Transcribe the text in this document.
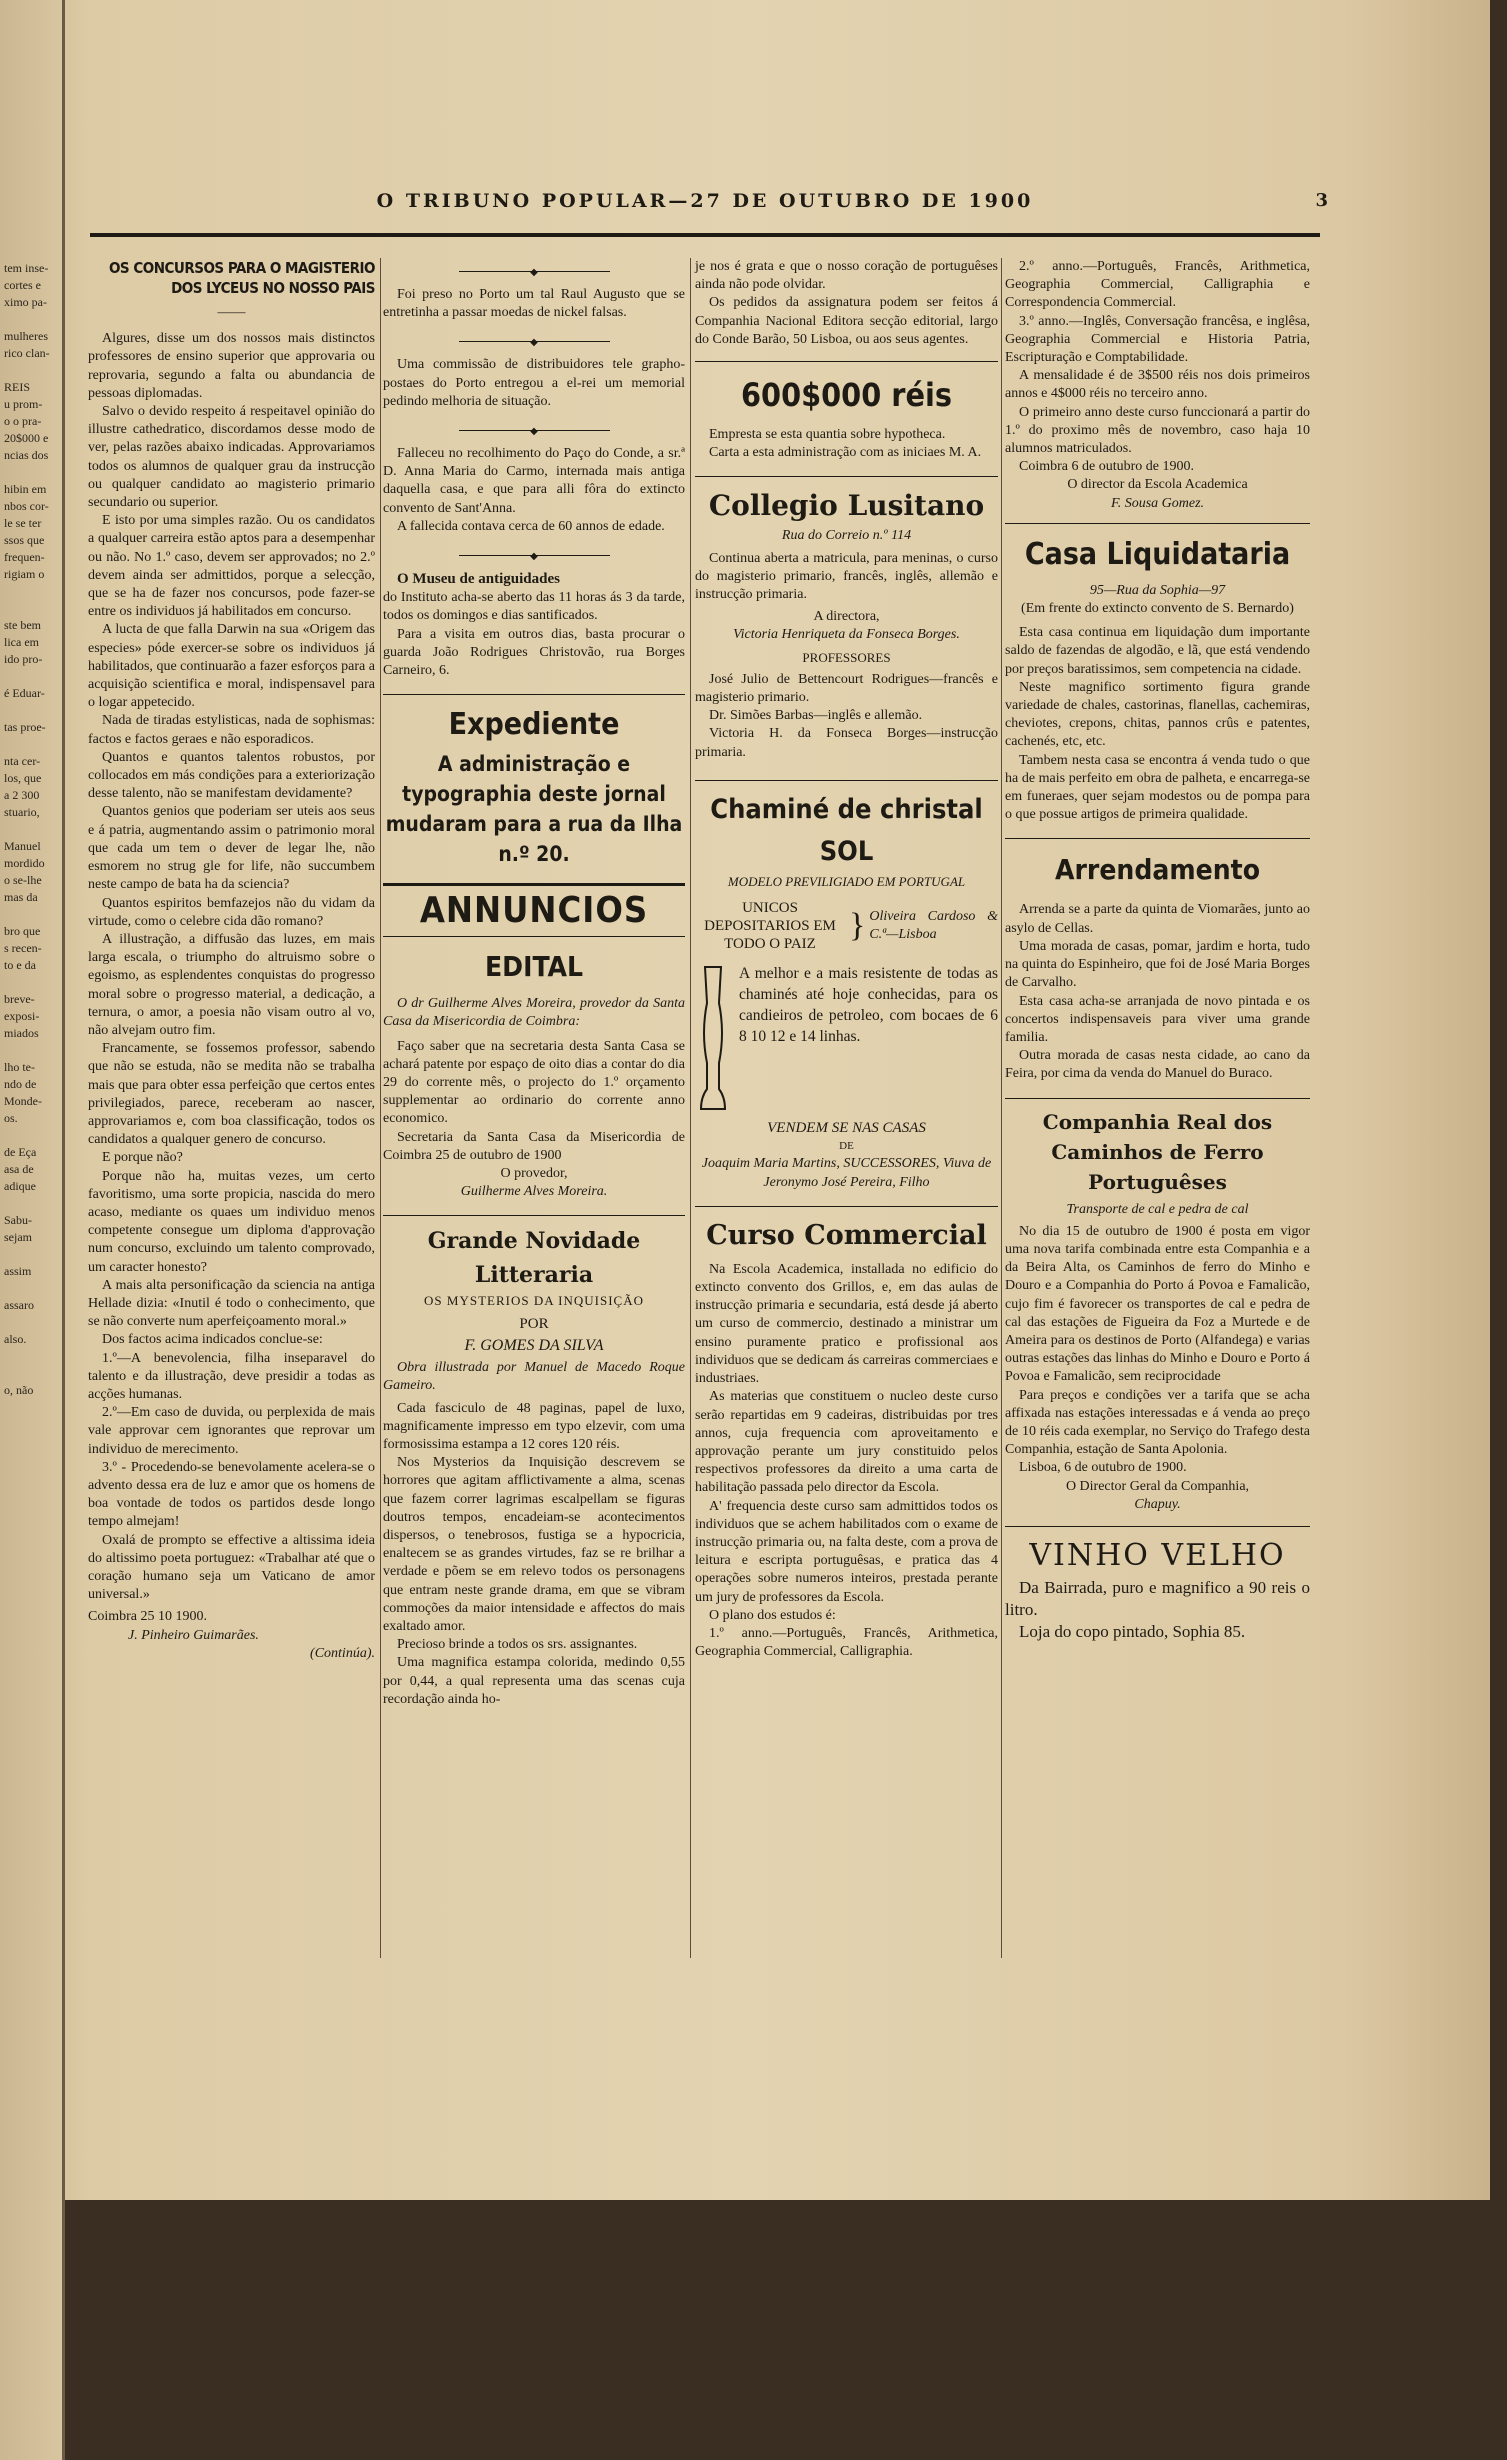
tem inse-

cortes e

ximo pa-

mulheres

rico clan-

REIS

u prom-

o o pra-

20$000 e

ncias dos

hibin em

nbos cor-

le se ter

ssos que

frequen-

rigiam o

ste bem

lica em

ido pro-

é Eduar-

tas proe-

nta cer-

los, que

a 2 300

stuario,

Manuel

mordido

o se-lhe

mas da

bro que

s recen-

to e da

breve-

exposi-

miados

lho te-

ndo de

Monde-

os.

de Eça

asa de

adique

Sabu-

sejam

assim

assaro

also.

o, não

O TRIBUNO POPULAR—27 DE OUTUBRO DE 1900	3
OS CONCURSOS PARA O MAGISTERIO DOS LYCEUS NO NOSSO PAIS
——

Algures, disse um dos nossos mais distinctos professores de ensino superior que approvaria ou reprovaria, segundo a falta ou abundancia de pessoas diplomadas.

Salvo o devido respeito á respeitavel opinião do illustre cathedratico, discordamos desse modo de ver, pelas razões abaixo indicadas. Approvariamos todos os alumnos de qualquer grau da instrucção ou qualquer candidato ao magisterio primario secundario ou superior.

E isto por uma simples razão. Ou os candidatos a qualquer carreira estão aptos para a desempenhar ou não. No 1.º caso, devem ser approvados; no 2.º devem ainda ser admittidos, porque a selecção, que se ha de fazer nos concursos, pode fazer-se entre os individuos já habilitados em concurso.

A lucta de que falla Darwin na sua «Origem das especies» póde exercer-se sobre os individuos já habilitados, que continuarão a fazer esforços para a acquisição scientifica e moral, indispensavel para o logar appetecido.

Nada de tiradas estylisticas, nada de sophismas: factos e factos geraes e não esporadicos.

Quantos e quantos talentos robustos, por collocados em más condições para a exteriorização desse talento, não se manifestam devidamente?

Quantos genios que poderiam ser uteis aos seus e á patria, augmentando assim o patrimonio moral que cada um tem o dever de legar lhe, não esmorem no strug gle for life, não succumbem neste campo de bata ha da sciencia?

Quantos espiritos bemfazejos não du vidam da virtude, como o celebre cida dão romano?

A illustração, a diffusão das luzes, em mais larga escala, o triumpho do altruismo sobre o egoismo, as esplendentes conquistas do progresso moral sobre o progresso material, a dedicação, a ternura, o amor, a poesia não visam outro al vo, não alvejam outro fim.

Francamente, se fossemos professor, sabendo que não se estuda, não se medita não se trabalha mais que para obter essa perfeição que certos entes privilegiados, parece, receberam ao nascer, approvariamos e, com boa classificação, todos os candidatos a qualquer genero de concurso.

E porque não?

Porque não ha, muitas vezes, um certo favoritismo, uma sorte propicia, nascida do mero acaso, mediante os quaes um individuo menos competente consegue um diploma d'approvação num concurso, excluindo um talento comprovado, um caracter honesto?

A mais alta personificação da sciencia na antiga Hellade dizia: «Inutil é todo o conhecimento, que se não converte num aperfeiçoamento moral.»

Dos factos acima indicados conclue-se:

1.º—A benevolencia, filha inseparavel do talento e da illustração, deve presidir a todas as acções humanas.

2.º—Em caso de duvida, ou perplexida de mais vale approvar cem ignorantes que reprovar um individuo de merecimento.

3.º - Procedendo-se benevolamente acelera-se o advento dessa era de luz e amor que os homens de boa vontade de todos os partidos desde longo tempo almejam!

Oxalá de prompto se effective a altissima ideia do altissimo poeta portuguez: «Trabalhar até que o coração humano seja um Vaticano de amor universal.»

Coimbra 25 10 1900.

J. Pinheiro Guimarães.

(Continúa).

◆

Foi preso no Porto um tal Raul Augusto que se entretinha a passar moedas de nickel falsas.

◆

Uma commissão de distribuidores tele grapho-postaes do Porto entregou a el-rei um memorial pedindo melhoria de situação.

◆

Falleceu no recolhimento do Paço do Conde, a sr.ª D. Anna Maria do Carmo, internada mais antiga daquella casa, e que para alli fôra do extincto convento de Sant'Anna.

A fallecida contava cerca de 60 annos de edade.

◆

O Museu de antiguidades

do Instituto acha-se aberto das 11 horas ás 3 da tarde, todos os domingos e dias santificados.

Para a visita em outros dias, basta procurar o guarda João Rodrigues Christovão, rua Borges Carneiro, 6.

Expediente
A administração e typographia deste jornal mudaram para a rua da Ilha n.º 20.
ANNUNCIOS
EDITAL

O dr Guilherme Alves Moreira, provedor da Santa Casa da Misericordia de Coimbra:

Faço saber que na secretaria desta Santa Casa se achará patente por espaço de oito dias a contar do dia 29 do corrente mês, o projecto do 1.º orçamento supplementar ao ordinario do corrente anno economico.

Secretaria da Santa Casa da Misericordia de Coimbra 25 de outubro de 1900

O provedor,

Guilherme Alves Moreira.

Grande Novidade Litteraria

OS MYSTERIOS DA INQUISIÇÃO

POR

F. GOMES DA SILVA

Obra illustrada por Manuel de Macedo Roque Gameiro.

Cada fasciculo de 48 paginas, papel de luxo, magnificamente impresso em typo elzevir, com uma formosissima estampa a 12 cores 120 réis.

Nos Mysterios da Inquisição descrevem se horrores que agitam afflictivamente a alma, scenas que fazem correr lagrimas escalpellam se figuras doutros tempos, encadeiam-se acontecimentos dispersos, o tenebrosos, fustiga se a hypocricia, enaltecem se as grandes virtudes, faz se re brilhar a verdade e põem se em relevo todos os personagens que entram neste grande drama, em que se vibram commoções da maior intensidade e affectos do mais exaltado amor.

Precioso brinde a todos os srs. assignantes.

Uma magnifica estampa colorida, medindo 0,55 por 0,44, a qual representa uma das scenas cuja recordação ainda ho-

je nos é grata e que o nosso coração de portuguêses ainda não pode olvidar.

Os pedidos da assignatura podem ser feitos á Companhia Nacional Editora secção editorial, largo do Conde Barão, 50 Lisboa, ou aos seus agentes.

600$000 réis

Empresta se esta quantia sobre hypotheca.

Carta a esta administração com as iniciaes M. A.

Collegio Lusitano

Rua do Correio n.º 114

Continua aberta a matricula, para meninas, o curso do magisterio primario, francês, inglês, allemão e instrucção primaria.

A directora,

Victoria Henriqueta da Fonseca Borges.

PROFESSORES

José Julio de Bettencourt Rodrigues—francês e magisterio primario.

Dr. Simões Barbas—inglês e allemão.

Victoria H. da Fonseca Borges—instrucção primaria.

Chaminé de christal SOL

MODELO PREVILIGIADO EM PORTUGAL

UNICOS DEPOSITARIOS EM TODO O PAIZ
} Oliveira Cardoso & C.ª—Lisboa
A melhor e a mais resistente de todas as chaminés até hoje conhecidas, para os candieiros de petroleo, com bocaes de 6 8 10 12 e 14 linhas.

VENDEM SE NAS CASAS

DE

Joaquim Maria Martins, SUCCESSORES, Viuva de Jeronymo José Pereira, Filho

Curso Commercial

Na Escola Academica, installada no edificio do extincto convento dos Grillos, e, em das aulas de instrucção primaria e secundaria, está desde já aberto um curso de commercio, destinado a ministrar um ensino puramente pratico e profissional aos individuos que se dedicam ás carreiras commerciaes e industriaes.

As materias que constituem o nucleo deste curso serão repartidas em 9 cadeiras, distribuidas por tres annos, cuja frequencia com aproveitamento e approvação perante um jury constituido pelos respectivos professores da direito a uma carta de habilitação passada pelo director da Escola.

A' frequencia deste curso sam admittidos todos os individuos que se achem habilitados com o exame de instrucção primaria ou, na falta deste, com a prova de leitura e escripta portuguêsas, e pratica das 4 operações sobre numeros inteiros, prestada perante um jury de professores da Escola.

O plano dos estudos é:

1.º anno.—Português, Francês, Arithmetica, Geographia Commercial, Calligraphia.

2.º anno.—Português, Francês, Arithmetica, Geographia Commercial, Calligraphia e Correspondencia Commercial.

3.º anno.—Inglês, Conversação francêsa, e inglêsa, Geographia Commercial e Historia Patria, Escripturação e Comptabilidade.

A mensalidade é de 3$500 réis nos dois primeiros annos e 4$000 réis no terceiro anno.

O primeiro anno deste curso funccionará a partir do 1.º do proximo mês de novembro, caso haja 10 alumnos matriculados.

Coimbra 6 de outubro de 1900.

O director da Escola Academica

F. Sousa Gomez.

Casa Liquidataria

95—Rua da Sophia—97

(Em frente do extincto convento de S. Bernardo)

Esta casa continua em liquidação dum importante saldo de fazendas de algodão, e lã, que está vendendo por preços baratissimos, sem competencia na cidade.

Neste magnifico sortimento figura grande variedade de chales, castorinas, flanellas, cachemiras, cheviotes, crepons, chitas, pannos crûs e patentes, cachenés, etc, etc.

Tambem nesta casa se encontra á venda tudo o que ha de mais perfeito em obra de palheta, e encarrega-se em funeraes, quer sejam modestos ou de pompa para o que possue artigos de primeira qualidade.

Arrendamento

Arrenda se a parte da quinta de Viomarães, junto ao asylo de Cellas.

Uma morada de casas, pomar, jardim e horta, tudo na quinta do Espinheiro, que foi de José Maria Borges de Carvalho.

Esta casa acha-se arranjada de novo pintada e os concertos indispensaveis para viver uma grande familia.

Outra morada de casas nesta cidade, ao cano da Feira, por cima da venda do Manuel do Buraco.

Companhia Real dos Caminhos de Ferro Portuguêses

Transporte de cal e pedra de cal

No dia 15 de outubro de 1900 é posta em vigor uma nova tarifa combinada entre esta Companhia e a da Beira Alta, os Caminhos de ferro do Minho e Douro e a Companhia do Porto á Povoa e Famalicão, cujo fim é favorecer os transportes de cal e pedra de cal das estações de Figueira da Foz a Murtede e de Ameira para os destinos de Porto (Alfandega) e varias outras estações das linhas do Minho e Douro e Porto á Povoa e Famalicão, sem reciprocidade

Para preços e condições ver a tarifa que se acha affixada nas estações interessadas e á venda ao preço de 10 réis cada exemplar, no Serviço do Trafego desta Companhia, estação de Santa Apolonia.

Lisboa, 6 de outubro de 1900.

O Director Geral da Companhia,

Chapuy.

VINHO VELHO

Da Bairrada, puro e magnifico a 90 reis o litro.

Loja do copo pintado, Sophia 85.
